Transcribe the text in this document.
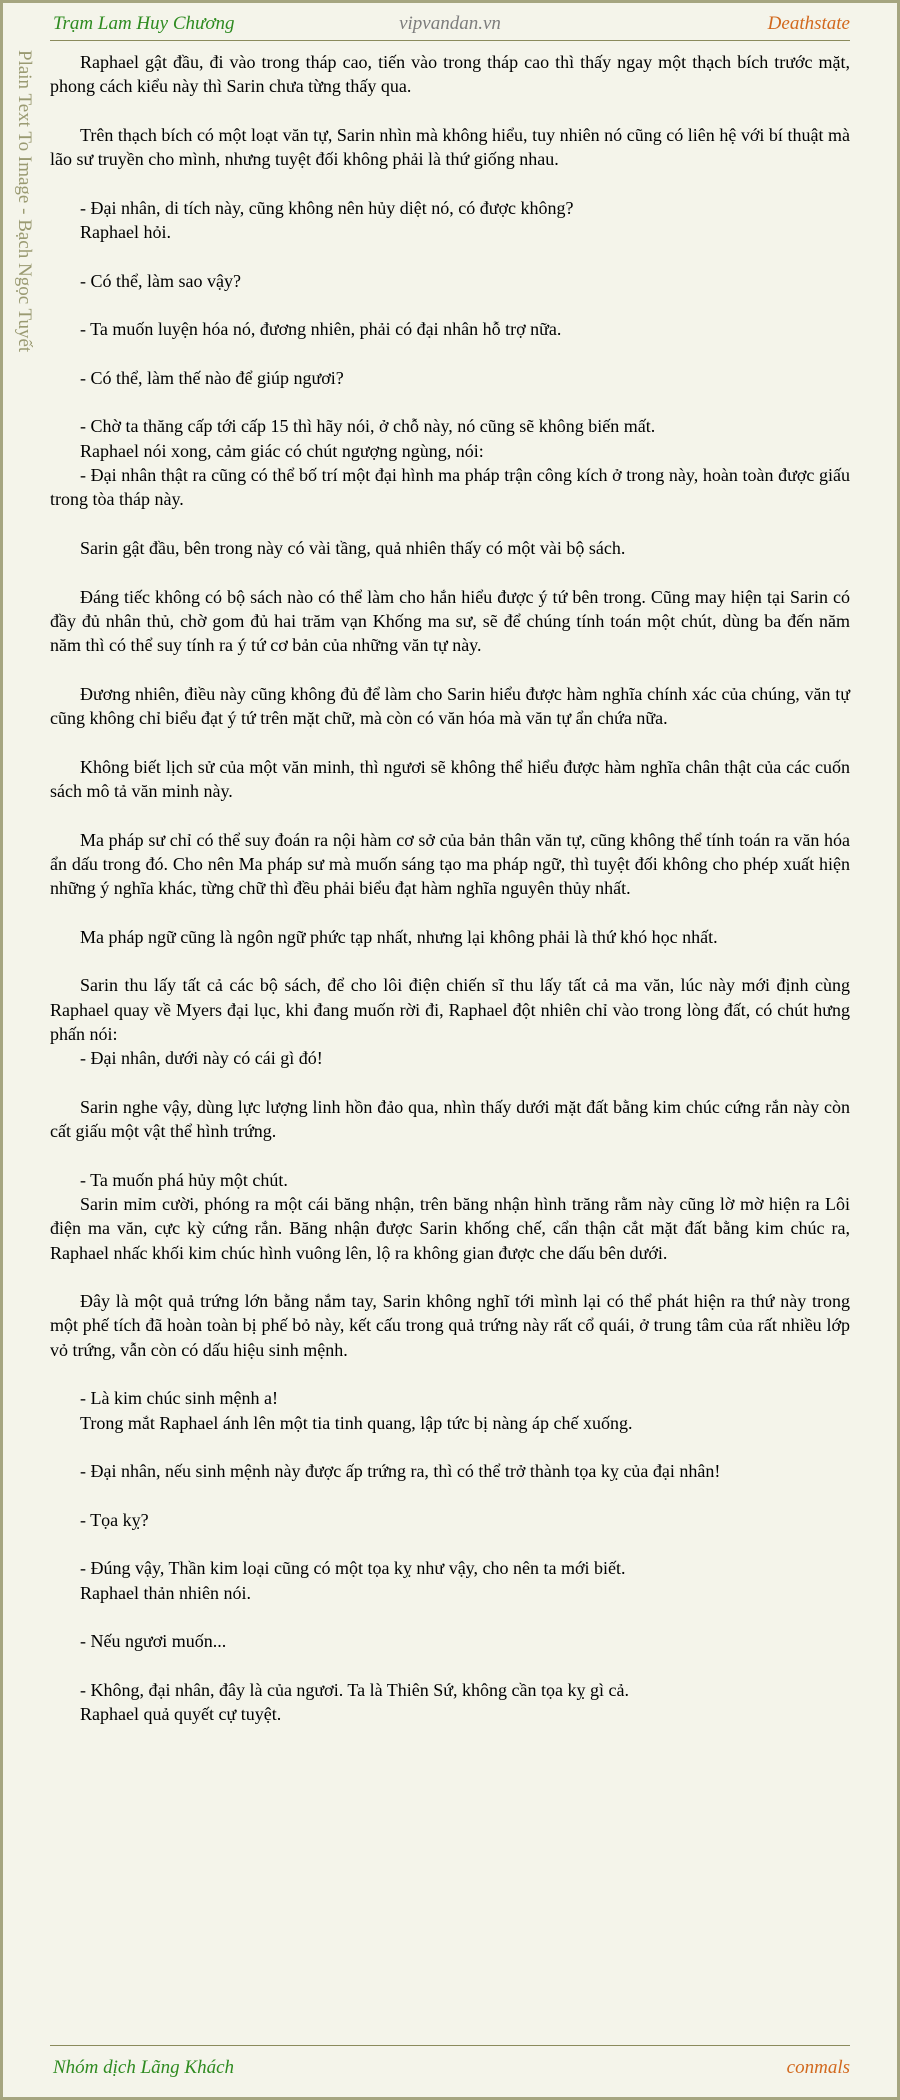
Trạm Lam Huy Chương	vipvandan.vn	Deathstate
Plain Text To Image - Bạch Ngọc Tuyết	Raphael gật đầu, đi vào trong tháp cao, tiến vào trong tháp cao thì thấy ngay một thạch bích trước mặt, phong cách kiểu này thì Sarin chưa từng thấy qua.

Trên thạch bích có một loạt văn tự, Sarin nhìn mà không hiểu, tuy nhiên nó cũng có liên hệ với bí thuật mà lão sư truyền cho mình, nhưng tuyệt đối không phải là thứ giống nhau.

- Đại nhân, di tích này, cũng không nên hủy diệt nó, có được không?
Raphael hỏi.

- Có thể, làm sao vậy?

- Ta muốn luyện hóa nó, đương nhiên, phải có đại nhân hỗ trợ nữa.

- Có thể, làm thế nào để giúp ngươi?

- Chờ ta thăng cấp tới cấp 15 thì hãy nói, ở chỗ này, nó cũng sẽ không biến mất.
Raphael nói xong, cảm giác có chút ngượng ngùng, nói:
- Đại nhân thật ra cũng có thể bố trí một đại hình ma pháp trận công kích ở trong này, hoàn toàn được giấu trong tòa tháp này.

Sarin gật đầu, bên trong này có vài tầng, quả nhiên thấy có một vài bộ sách.

Đáng tiếc không có bộ sách nào có thể làm cho hắn hiểu được ý tứ bên trong. Cũng may hiện tại Sarin có đầy đủ nhân thủ, chờ gom đủ hai trăm vạn Khống ma sư, sẽ để chúng tính toán một chút, dùng ba đến năm năm thì có thể suy tính ra ý tứ cơ bản của những văn tự này.

Đương nhiên, điều này cũng không đủ để làm cho Sarin hiểu được hàm nghĩa chính xác của chúng, văn tự cũng không chỉ biểu đạt ý tứ trên mặt chữ, mà còn có văn hóa mà văn tự ẩn chứa nữa.

Không biết lịch sử của một văn minh, thì ngươi sẽ không thể hiểu được hàm nghĩa chân thật của các cuốn sách mô tả văn minh này.

Ma pháp sư chỉ có thể suy đoán ra nội hàm cơ sở của bản thân văn tự, cũng không thể tính toán ra văn hóa ẩn dấu trong đó. Cho nên Ma pháp sư mà muốn sáng tạo ma pháp ngữ, thì tuyệt đối không cho phép xuất hiện những ý nghĩa khác, từng chữ thì đều phải biểu đạt hàm nghĩa nguyên thủy nhất.

Ma pháp ngữ cũng là ngôn ngữ phức tạp nhất, nhưng lại không phải là thứ khó học nhất.

Sarin thu lấy tất cả các bộ sách, để cho lôi điện chiến sĩ thu lấy tất cả ma văn, lúc này mới định cùng Raphael quay về Myers đại lục, khi đang muốn rời đi, Raphael đột nhiên chỉ vào trong lòng đất, có chút hưng phấn nói:
- Đại nhân, dưới này có cái gì đó!

Sarin nghe vậy, dùng lực lượng linh hồn đảo qua, nhìn thấy dưới mặt đất bằng kim chúc cứng rắn này còn cất giấu một vật thể hình trứng.

- Ta muốn phá hủy một chút.
Sarin mỉm cười, phóng ra một cái băng nhận, trên băng nhận hình trăng rằm này cũng lờ mờ hiện ra Lôi điện ma văn, cực kỳ cứng rắn. Băng nhận được Sarin khống chế, cẩn thận cắt mặt đất bằng kim chúc ra, Raphael nhấc khối kim chúc hình vuông lên, lộ ra không gian được che dấu bên dưới.

Đây là một quả trứng lớn bằng nắm tay, Sarin không nghĩ tới mình lại có thể phát hiện ra thứ này trong một phế tích đã hoàn toàn bị phế bỏ này, kết cấu trong quả trứng này rất cổ quái, ở trung tâm của rất nhiều lớp vỏ trứng, vẫn còn có dấu hiệu sinh mệnh.

- Là kim chúc sinh mệnh a!
Trong mắt Raphael ánh lên một tia tinh quang, lập tức bị nàng áp chế xuống.

- Đại nhân, nếu sinh mệnh này được ấp trứng ra, thì có thể trở thành tọa kỵ của đại nhân!

- Tọa kỵ?

- Đúng vậy, Thần kim loại cũng có một tọa kỵ như vậy, cho nên ta mới biết.
Raphael thản nhiên nói.

- Nếu ngươi muốn...

- Không, đại nhân, đây là của ngươi. Ta là Thiên Sứ, không cần tọa kỵ gì cả.
Raphael quả quyết cự tuyệt.

Nhóm dịch Lãng Khách	conmals
